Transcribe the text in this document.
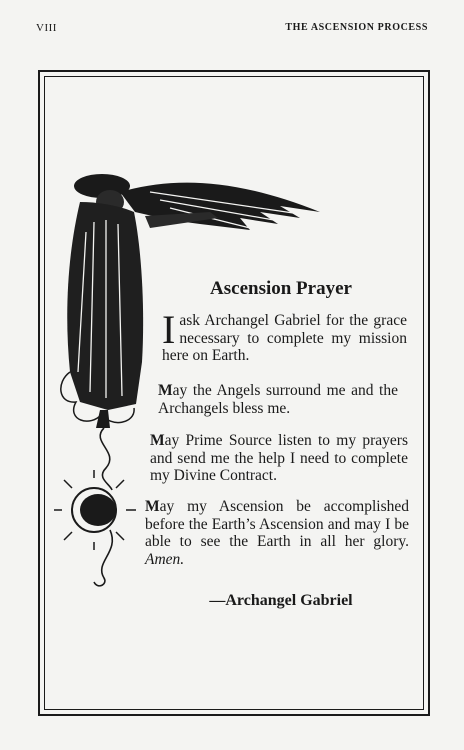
VIII	THE ASCENSION PROCESS
Ascension Prayer

Iask Archangel Gabriel for the grace necessary to complete my mission here on Earth.

May the Angels surround me and the Archangels bless me.

May Prime Source listen to my prayers and send me the help I need to complete my Divine Contract.

May my Ascension be accomplished before the Earth’s Ascension and may I be able to see the Earth in all her glory. Amen.

—Archangel Gabriel
